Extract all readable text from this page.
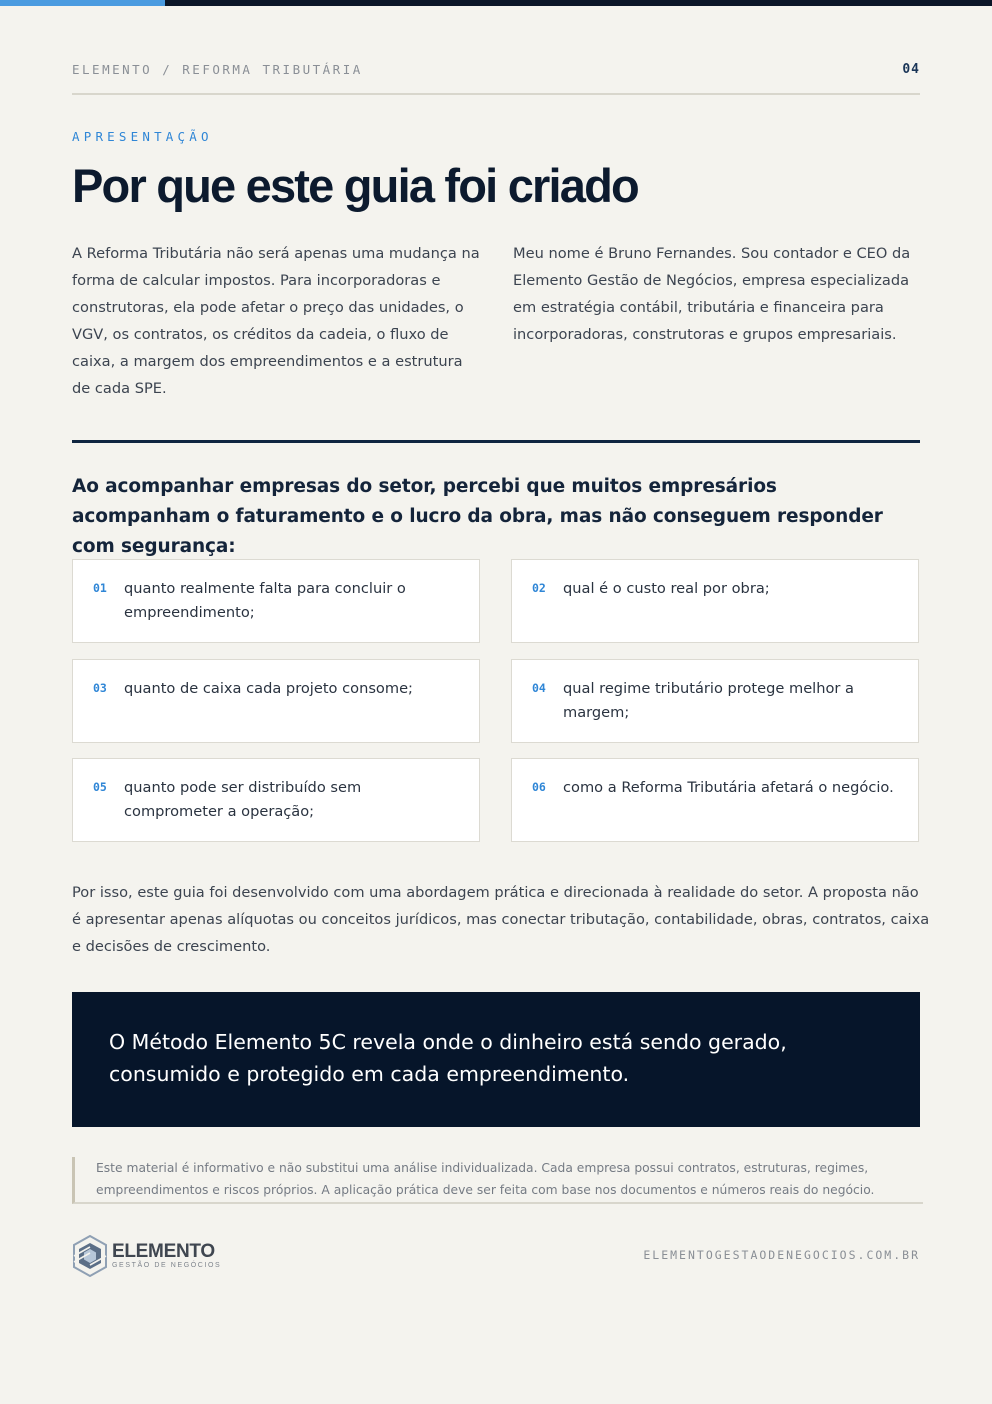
ELEMENTO / REFORMA TRIBUTÁRIA	04
APRESENTAÇÃO
Por que este guia foi criado

A Reforma Tributária não será apenas uma mudança na forma de calcular impostos. Para incorporadoras e construtoras, ela pode afetar o preço das unidades, o VGV, os contratos, os créditos da cadeia, o fluxo de caixa, a margem dos empreendimentos e a estrutura de cada SPE.

Meu nome é Bruno Fernandes. Sou contador e CEO da Elemento Gestão de Negócios, empresa especializada em estratégia contábil, tributária e financeira para incorporadoras, construtoras e grupos empresariais.

Ao acompanhar empresas do setor, percebi que muitos empresários acompanham o faturamento e o lucro da obra, mas não conseguem responder com segurança:

01 quanto realmente falta para concluir o empreendimento;
02 qual é o custo real por obra;
03 quanto de caixa cada projeto consome;	04 qual regime tributário protege melhor a margem;
05 quanto pode ser distribuído sem comprometer a operação;
06 como a Reforma Tributária afetará o negócio.

Por isso, este guia foi desenvolvido com uma abordagem prática e direcionada à realidade do setor. A proposta não é apresentar apenas alíquotas ou conceitos jurídicos, mas conectar tributação, contabilidade, obras, contratos, caixa e decisões de crescimento.

O Método Elemento 5C revela onde o dinheiro está sendo gerado, consumido e protegido em cada empreendimento.

Este material é informativo e não substitui uma análise individualizada. Cada empresa possui contratos, estruturas, regimes, empreendimentos e riscos próprios. A aplicação prática deve ser feita com base nos documentos e números reais do negócio.

ELEMENTO
GESTÃO DE NEGÓCIOS
ELEMENTOGESTAODENEGOCIOS.COM.BR
